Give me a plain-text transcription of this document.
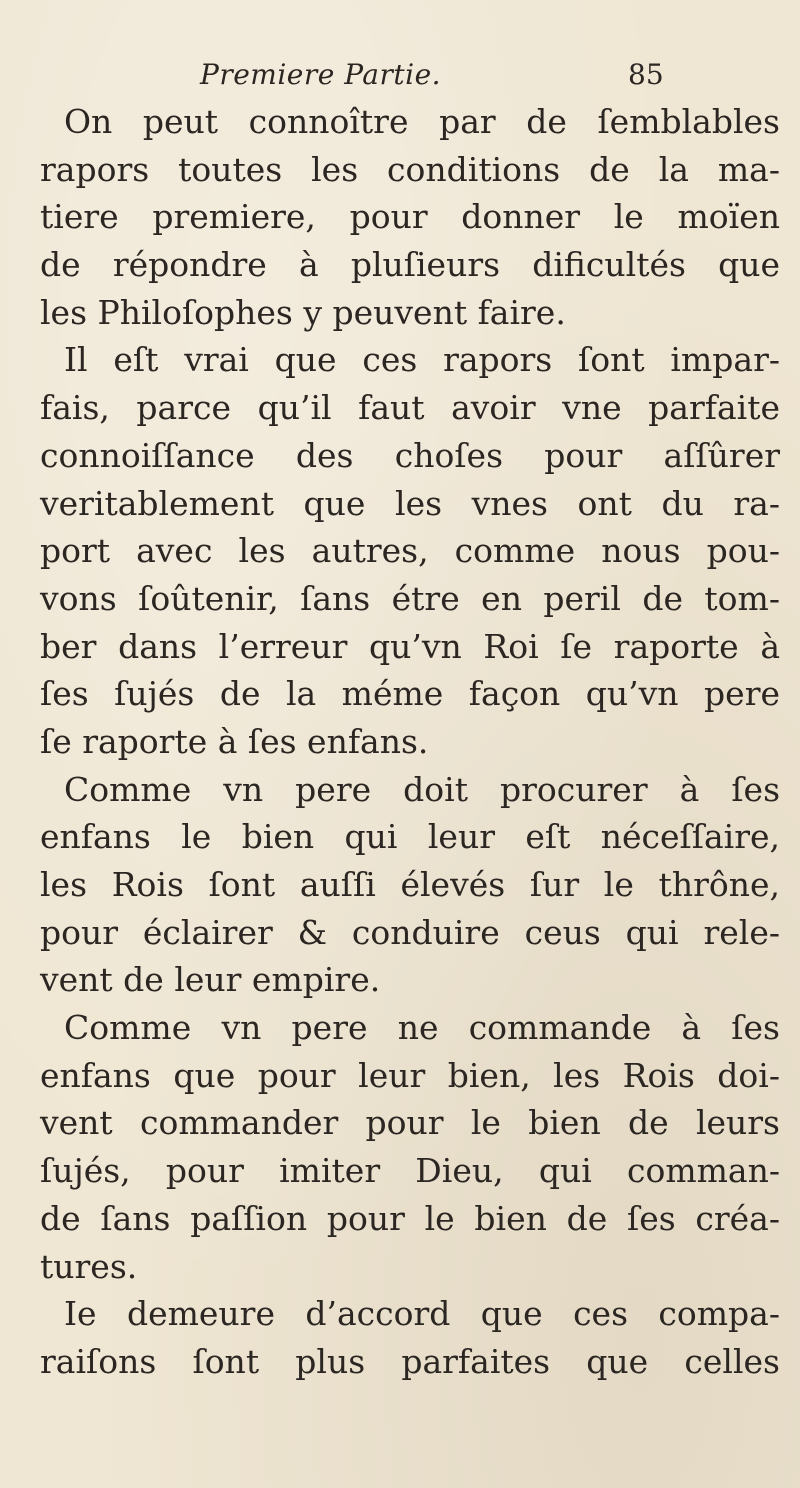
Premiere Partie.	85
On peut connoître par de ſemblables
rapors toutes les conditions de la ma-
tiere premiere, pour donner le moïen
de répondre à pluſieurs dificultés que
les Philoſophes y peuvent faire.
Il eſt vrai que ces rapors ſont impar-
fais, parce qu’il faut avoir vne parfaite
connoiſſance des choſes pour aſſûrer
veritablement que les vnes ont du ra-
port avec les autres, comme nous pou-
vons ſoûtenir, ſans étre en peril de tom-
ber dans l’erreur qu’vn Roi ſe raporte à
ſes ſujés de la méme façon qu’vn pere
ſe raporte à ſes enfans.
Comme vn pere doit procurer à ſes
enfans le bien qui leur eſt néceſſaire,
les Rois ſont auſſi élevés ſur le thrône,
pour éclairer & conduire ceus qui rele-
vent de leur empire.
Comme vn pere ne commande à ſes
enfans que pour leur bien, les Rois doi-
vent commander pour le bien de leurs
ſujés, pour imiter Dieu, qui comman-
de ſans paſſion pour le bien de ſes créa-
tures.
Ie demeure d’accord que ces compa-
raiſons ſont plus parfaites que celles
